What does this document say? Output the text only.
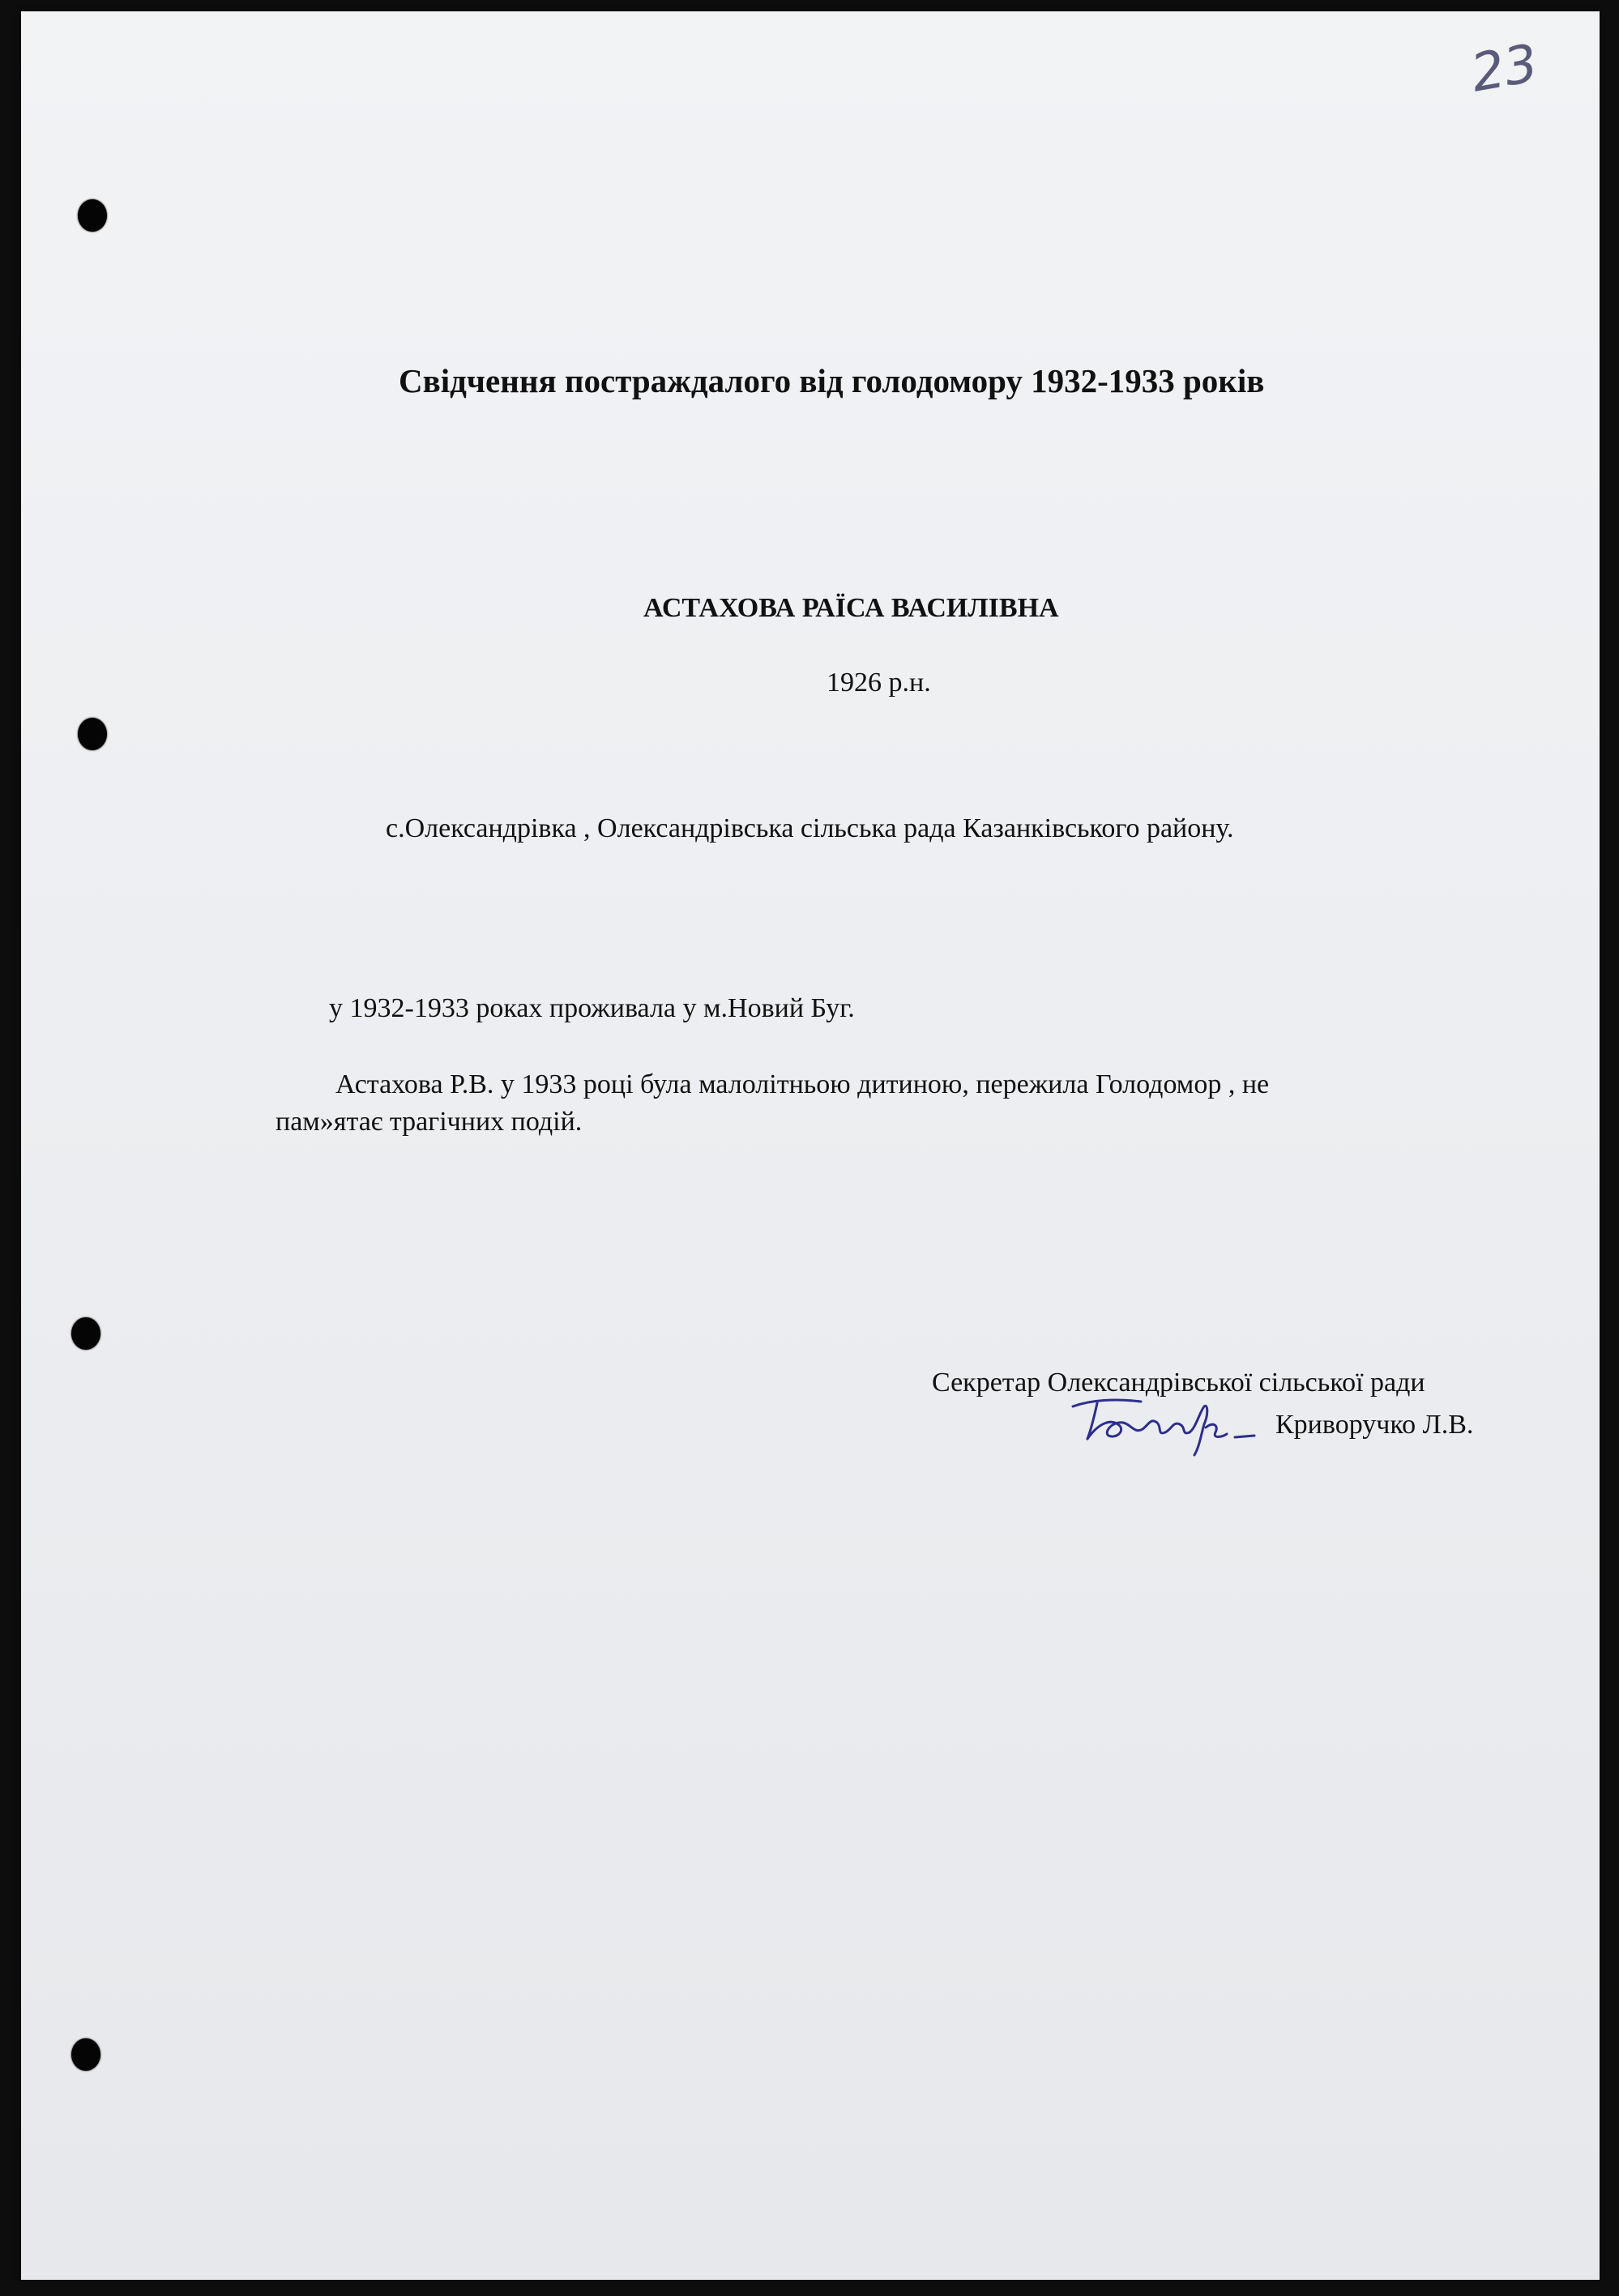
23
Свідчення постраждалого від голодомору 1932-1933 років
АСТАХОВА РАЇСА ВАСИЛІВНА
1926 р.н.
с.Олександрівка , Олександрівська сільська рада Казанківського району.
у 1932-1933 роках проживала у м.Новий Буг.
Астахова Р.В. у 1933 році була малолітньою дитиною, пережила Голодомор , не
пам»ятає трагічних подій.
Секретар Олександрівської сільської ради
Криворучко Л.В.
